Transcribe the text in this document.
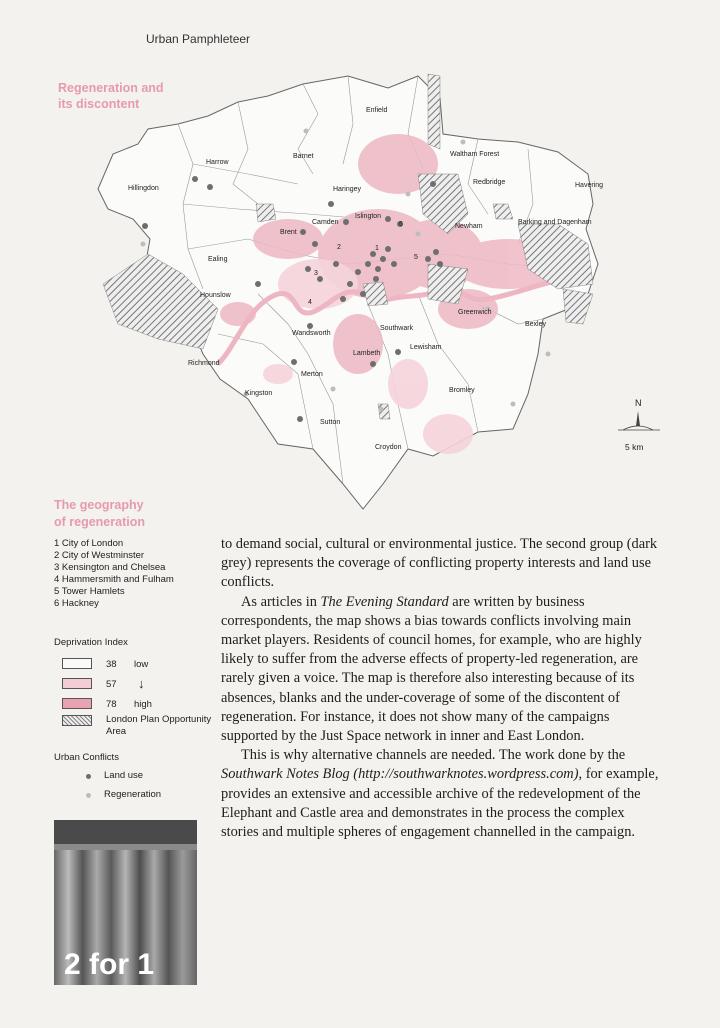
Urban Pamphleteer
Regeneration and
its discontent	Enfield
Barnet
Harrow
Hillingdon	Haringey
Waltham Forest
Redbridge	Havering
Camden
Islington
Brent
Newham
Barking and Dagenham
Ealing
Hounslow
Greenwich
Bexley
Wandsworth
Southwark
Lambeth
Lewisham
Richmond
Merton
Kingston	Bromley
Sutton
Croydon
1
2
3
4
5
6
N
5 km
The geography
of regeneration
1 City of London
2 City of Westminster
3 Kensington and Chelsea
4 Hammersmith and Fulham
5 Tower Hamlets
6 Hackney
Deprivation Index
38 low
57 ↓
78 high
London Plan Opportunity Area
Urban Conflicts
Land use
Regeneration

to demand social, cultural or environmental justice. The second group (dark grey) represents the coverage of conflicting property interests and land use conflicts.

As articles in The Evening Standard are written by business correspondents, the map shows a bias towards conflicts involving main market players. Residents of council homes, for example, who are highly likely to suffer from the adverse effects of property-led regeneration, are rarely given a voice. The map is therefore also interesting because of its absences, blanks and the under-coverage of some of the discontent of regeneration. For instance, it does not show many of the campaigns supported by the Just Space network in inner and East London.

This is why alternative channels are needed. The work done by the Southwark Notes Blog (http://southwarknotes.wordpress.com), for example, provides an extensive and accessible archive of the redevelopment of the Elephant and Castle area and demonstrates in the process the complex stories and multiple spheres of engagement channelled in the campaign.

2 for 1
